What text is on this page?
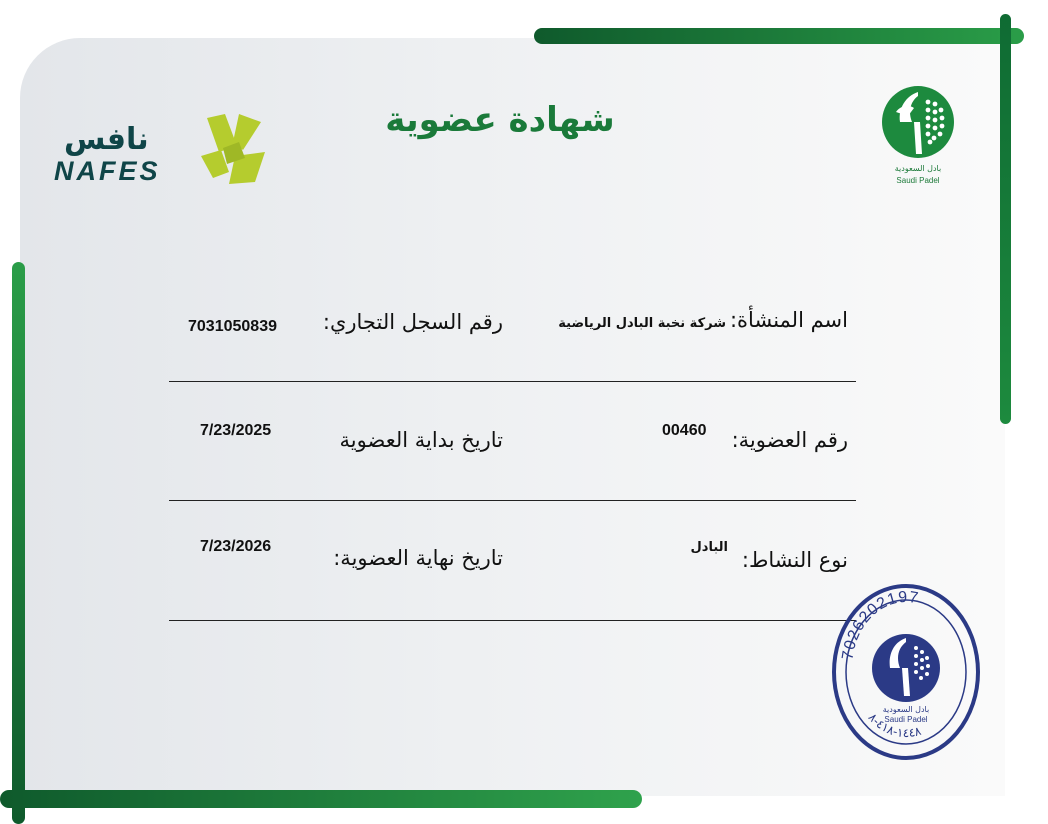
نافس
NAFES
شهادة عضوية
بادل السعودية
Saudi Padel
اسم المنشأة:
شركة نخبة البادل الرياضية
رقم السجل التجاري:
7031050839
رقم العضوية:
00460
تاريخ بداية العضوية
7/23/2025
نوع النشاط:
البادل
تاريخ نهاية العضوية:
7/23/2026
7026202197
١٤٤٨-٤١٨-٨
بادل السعودية
Saudi Padel
